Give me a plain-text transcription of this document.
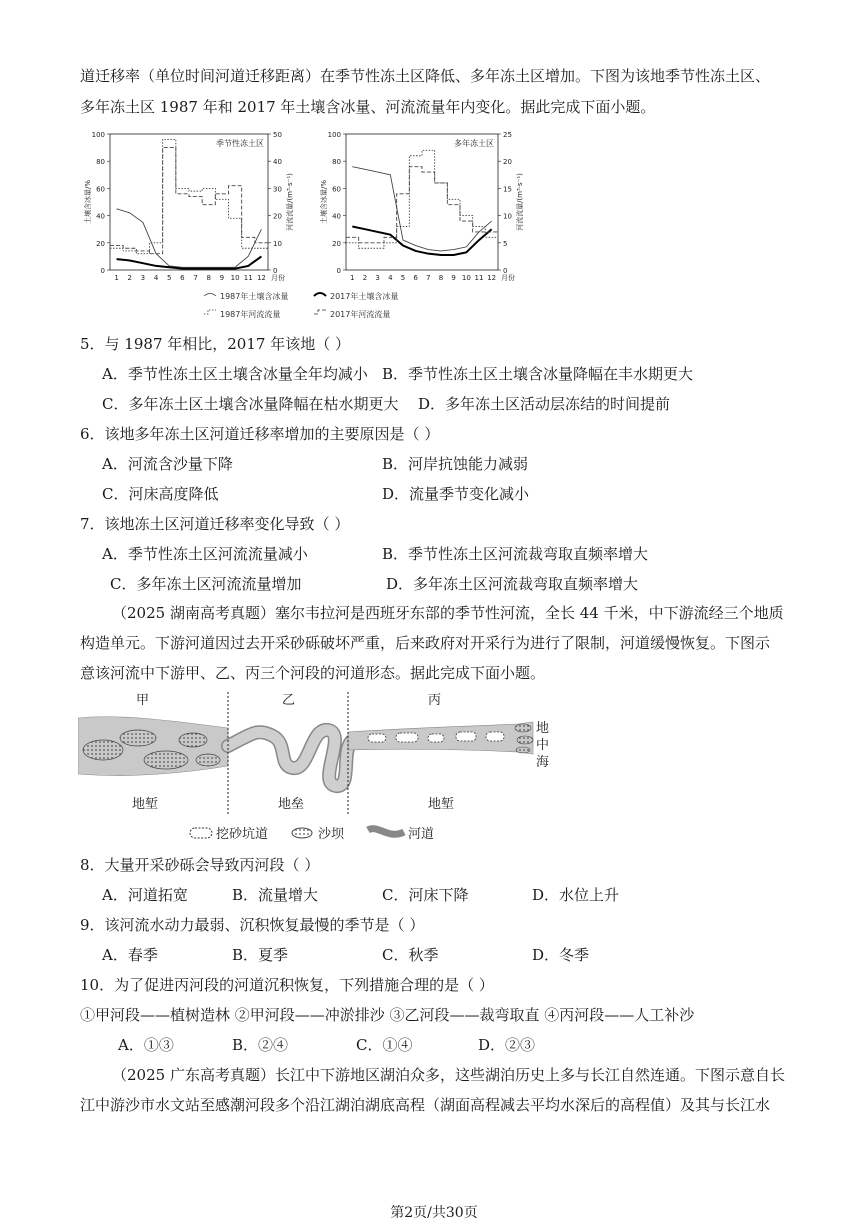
道迁移率（单位时间河道迁移距离）在季节性冻土区降低、多年冻土区增加。下图为该地季节性冻土区、
多年冻土区 1987 年和 2017 年土壤含冰量、河流流量年内变化。据此完成下面小题。
100
80
60
40
20
0
50
40
30
20
10
0
1 2 3 4 5 6 7 8 9 10 11 12 月份
土壤含冰量/%	河流流量/(m³·s⁻¹)
季节性冻土区
100
80
60
40
20
0
25
20
15
10
5
0
1 2 3 4 5 6 7 8 9 10 11 12 月份
土壤含冰量/%	河流流量/(m³·s⁻¹)
多年冻土区
1987年土壤含冰量	2017年土壤含冰量
1987年河流流量	2017年河流流量
5．与 1987 年相比，2017 年该地（ ）
A．季节性冻土区土壤含冰量全年均减小 B．季节性冻土区土壤含冰量降幅在丰水期更大
C．多年冻土区土壤含冰量降幅在枯水期更大 D．多年冻土区活动层冻结的时间提前
6．该地多年冻土区河道迁移率增加的主要原因是（ ）
A．河流含沙量下降	B．河岸抗蚀能力减弱
C．河床高度降低	D．流量季节变化减小
7．该地冻土区河道迁移率变化导致（ ）
A．季节性冻土区河流流量减小	B．季节性冻土区河流裁弯取直频率增大
C．多年冻土区河流流量增加	D．多年冻土区河流裁弯取直频率增大
（2025 湖南高考真题）塞尔韦拉河是西班牙东部的季节性河流，全长 44 千米，中下游流经三个地质
构造单元。下游河道因过去开采砂砾破坏严重，后来政府对开采行为进行了限制，河道缓慢恢复。下图示
意该河流中下游甲、乙、丙三个河段的河道形态。据此完成下面小题。
甲	乙	丙
地堑	地垒	地堑
地
中
海
挖砂坑道	沙坝	河道
8．大量开采砂砾会导致丙河段（ ）
A．河道拓宽	B．流量增大	C．河床下降	D．水位上升
9．该河流水动力最弱、沉积恢复最慢的季节是（ ）
A．春季	B．夏季	C．秋季	D．冬季
10．为了促进丙河段的河道沉积恢复，下列措施合理的是（ ）
①甲河段——植树造林 ②甲河段——冲淤排沙 ③乙河段——裁弯取直 ④丙河段——人工补沙
A．①③	B．②④	C．①④	D．②③
（2025 广东高考真题）长江中下游地区湖泊众多，这些湖泊历史上多与长江自然连通。下图示意自长
江中游沙市水文站至感潮河段多个沿江湖泊湖底高程（湖面高程减去平均水深后的高程值）及其与长江水
第2页/共30页
